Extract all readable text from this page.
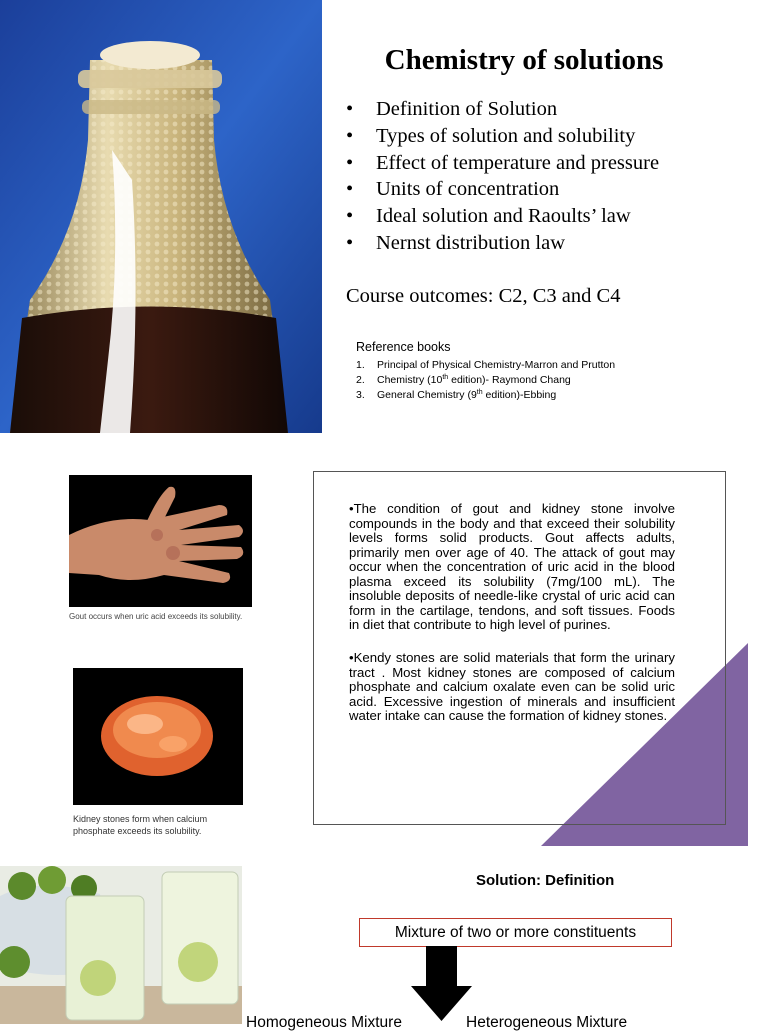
Chemistry of solutions
• Definition of Solution
• Types of solution and solubility
• Effect of temperature and pressure
• Units of concentration
• Ideal solution and Raoults’ law
• Nernst distribution law
Course outcomes: C2, C3 and C4
Reference books
1. Principal of Physical Chemistry-Marron and Prutton
2. Chemistry (10th edition)- Raymond Chang
3. General Chemistry (9th edition)-Ebbing
Gout occurs when uric acid exceeds its solubility.
Kidney stones form when calcium phosphate exceeds its solubility.
•The condition of gout and kidney stone involve compounds in the body and that exceed their solubility levels forms solid products. Gout affects adults, primarily men over age of 40. The attack of gout may occur when the concentration of uric acid in the blood plasma exceed its solubility (7mg/100 mL). The insoluble deposits of needle-like crystal of uric acid can form in the cartilage, tendons, and soft tissues. Foods in diet that contribute to high level of purines.
•Kendy stones are solid materials that form the urinary tract . Most kidney stones are composed of calcium phosphate and calcium oxalate even can be solid uric acid. Excessive ingestion of minerals and insufficient water intake can cause the formation of kidney stones.
Solution: Definition
Mixture of two or more constituents
Homogeneous Mixture	Heterogeneous Mixture
